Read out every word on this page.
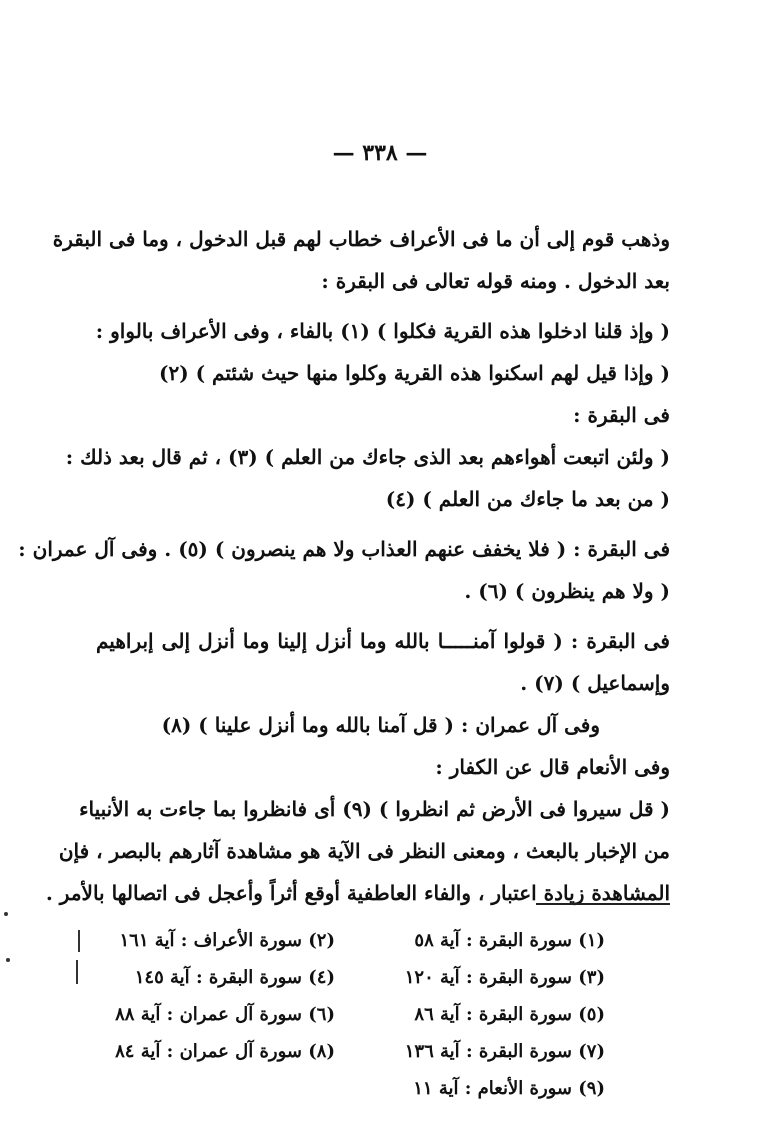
— ٣٣٨ —
وذهب قوم إلى أن ما فى الأعراف خطاب لهم قبل الدخول ، وما فى البقرة
بعد الدخول . ومنه قوله تعالى فى البقرة :
( وإذ قلنا ادخلوا هذه القرية فكلوا ) (١) بالفاء ، وفى الأعراف بالواو :
( وإذا قيل لهم اسكنوا هذه القرية وكلوا منها حيث شئتم ) (٢)
فى البقرة :
( ولئن اتبعت أهواءهم بعد الذى جاءك من العلم ) (٣) ، ثم قال بعد ذلك :
( من بعد ما جاءك من العلم ) (٤)
فى البقرة : ( فلا يخفف عنهم العذاب ولا هم ينصرون ) (٥) . وفى آل عمران :
( ولا هم ينظرون ) (٦) .
فى البقرة : ( قولوا آمنـــــا بالله وما أنزل إلينا وما أنزل إلى إبراهيم
وإسماعيل ) (٧) .
وفى آل عمران : ( قل آمنا بالله وما أنزل علينا ) (٨)
وفى الأنعام قال عن الكفار :
( قل سيروا فى الأرض ثم انظروا ) (٩) أى فانظروا بما جاءت به الأنبياء
من الإخبار بالبعث ، ومعنى النظر فى الآية هو مشاهدة آثارهم بالبصر ، فإن
المشاهدة زيادة اعتبار ، والفاء العاطفية أوقع أثراً وأعجل فى اتصالها بالأمر .
(١) سورة البقرة : آية ٥٨
(٢) سورة الأعراف : آية ١٦١
(٣) سورة البقرة : آية ١٢٠
(٤) سورة البقرة : آية ١٤٥
(٥) سورة البقرة : آية ٨٦
(٦) سورة آل عمران : آية ٨٨
(٧) سورة البقرة : آية ١٣٦
(٨) سورة آل عمران : آية ٨٤
(٩) سورة الأنعام : آية ١١
